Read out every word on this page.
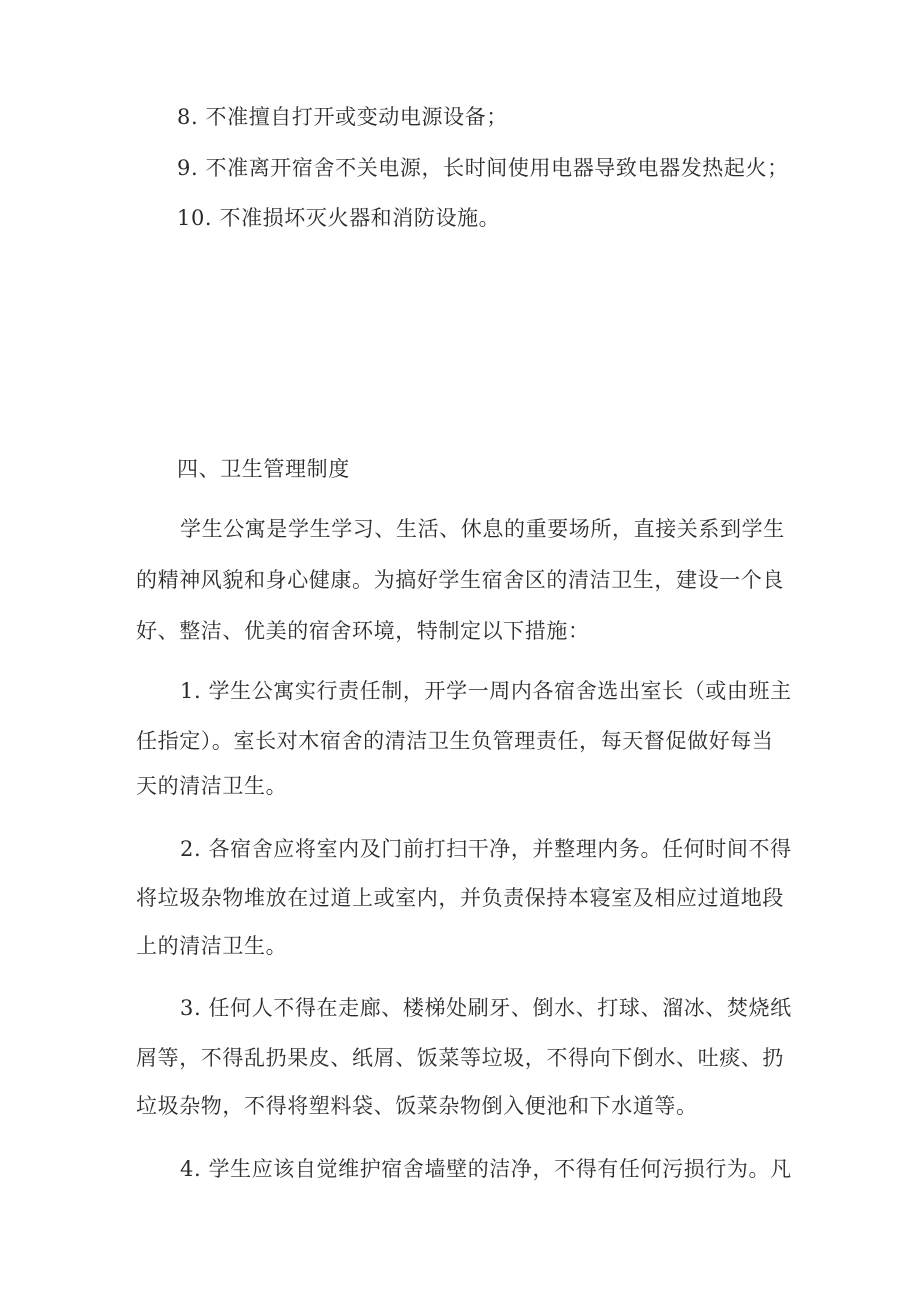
8. 不准擅自打开或变动电源设备；
9. 不准离开宿舍不关电源，长时间使用电器导致电器发热起火；
10. 不准损坏灭火器和消防设施。
四、卫生管理制度
学生公寓是学生学习、生活、休息的重要场所，直接关系到学生
的精神风貌和身心健康。为搞好学生宿舍区的清洁卫生，建设一个良
好、整洁、优美的宿舍环境，特制定以下措施：
1. 学生公寓实行责任制，开学一周内各宿舍选出室长（或由班主
任指定）。室长对木宿舍的清洁卫生负管理责任，每天督促做好每当
天的清洁卫生。
2. 各宿舍应将室内及门前打扫干净，并整理内务。任何时间不得
将垃圾杂物堆放在过道上或室内，并负责保持本寝室及相应过道地段
上的清洁卫生。
3. 任何人不得在走廊、楼梯处刷牙、倒水、打球、溜冰、焚烧纸
屑等，不得乱扔果皮、纸屑、饭菜等垃圾，不得向下倒水、吐痰、扔
垃圾杂物，不得将塑料袋、饭菜杂物倒入便池和下水道等。
4. 学生应该自觉维护宿舍墙壁的洁净，不得有任何污损行为。凡
